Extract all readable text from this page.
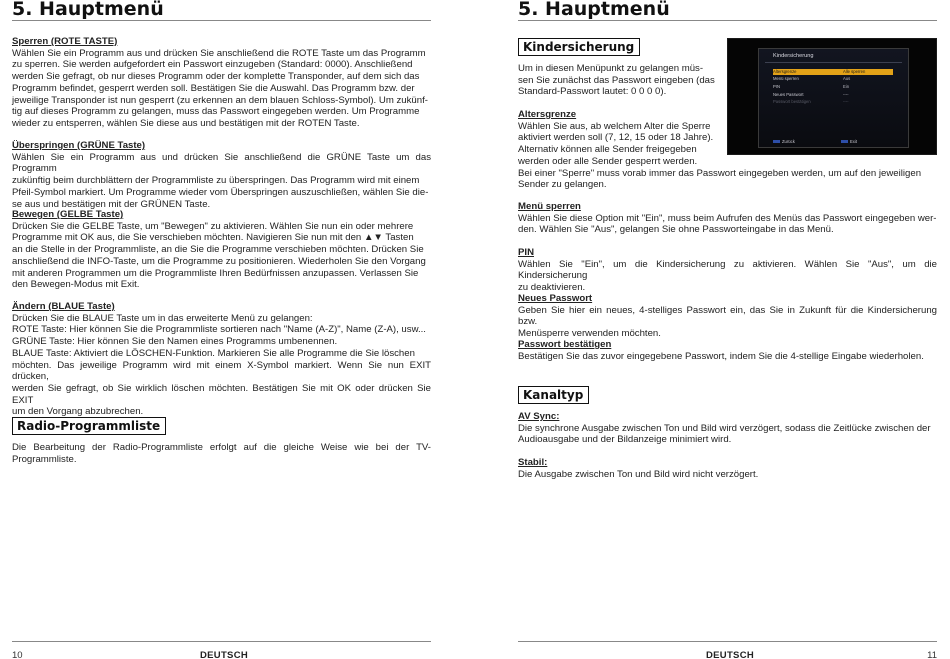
5. Hauptmenü
Sperren (ROTE TASTE)
Wählen Sie ein Programm aus und drücken Sie anschließend die ROTE Taste um das Programm
zu sperren. Sie werden aufgefordert ein Passwort einzugeben (Standard: 0000). Anschließend
werden Sie gefragt, ob nur dieses Programm oder der komplette Transponder, auf dem sich das
Programm befindet, gesperrt werden soll. Bestätigen Sie die Auswahl. Das Programm bzw. der
jeweilige Transponder ist nun gesperrt (zu erkennen an dem blauen Schloss-Symbol). Um zukünf-
tig auf dieses Programm zu gelangen, muss das Passwort eingegeben werden. Um Programme
wieder zu entsperren, wählen Sie diese aus und bestätigen mit der ROTEN Taste.
Überspringen (GRÜNE Taste)
Wählen Sie ein Programm aus und drücken Sie anschließend die GRÜNE Taste um das Programm
zukünftig beim durchblättern der Programmliste zu überspringen. Das Programm wird mit einem
Pfeil-Symbol markiert. Um Programme wieder vom Überspringen auszuschließen, wählen Sie die-
se aus und bestätigen mit der GRÜNEN Taste.
Bewegen (GELBE Taste)
Drücken Sie die GELBE Taste, um "Bewegen" zu aktivieren. Wählen Sie nun ein oder mehrere
Programme mit OK aus, die Sie verschieben möchten. Navigieren Sie nun mit den ▲▼ Tasten
an die Stelle in der Programmliste, an die Sie die Programme verschieben möchten. Drücken Sie
anschließend die INFO-Taste, um die Programme zu positionieren. Wiederholen Sie den Vorgang
mit anderen Programmen um die Programmliste Ihren Bedürfnissen anzupassen. Verlassen Sie
den Bewegen-Modus mit Exit.
Ändern (BLAUE Taste)
Drücken Sie die BLAUE Taste um in das erweiterte Menü zu gelangen:
ROTE Taste: Hier können Sie die Programmliste sortieren nach "Name (A-Z)", Name (Z-A), usw...
GRÜNE Taste: Hier können Sie den Namen eines Programms umbenennen.
BLAUE Taste: Aktiviert die LÖSCHEN-Funktion. Markieren Sie alle Programme die Sie löschen
möchten. Das jeweilige Programm wird mit einem X-Symbol markiert. Wenn Sie nun EXIT drücken,
werden Sie gefragt, ob Sie wirklich löschen möchten. Bestätigen Sie mit OK oder drücken Sie EXIT
um den Vorgang abzubrechen.
Radio-Programmliste
Die Bearbeitung der Radio-Programmliste erfolgt auf die gleiche Weise wie bei der TV-Programmliste.
10	DEUTSCH
5. Hauptmenü
Kindersicherung
Um in diesen Menüpunkt zu gelangen müs-
sen Sie zunächst das Passwort eingeben (das
Standard-Passwort lautet: 0 0 0 0).
Altersgrenze
Wählen Sie aus, ab welchem Alter die Sperre
aktiviert werden soll (7, 12, 15 oder 18 Jahre).
Alternativ können alle Sender freigegeben
werden oder alle Sender gesperrt werden.
Bei einer "Sperre" muss vorab immer das Passwort eingegeben werden, um auf den jeweiligen
Sender zu gelangen.
Kindersicherung
Altersgrenze	Alle sperren
Menü sperren	Aus
PIN	Ein
Neues Passwort	----
Passwort bestätigen	----
Zurück	Exit
Menü sperren
Wählen Sie diese Option mit "Ein", muss beim Aufrufen des Menüs das Passwort eingegeben wer-
den. Wählen Sie "Aus", gelangen Sie ohne Passworteingabe in das Menü.
PIN
Wählen Sie "Ein", um die Kindersicherung zu aktivieren. Wählen Sie "Aus", um die Kindersicherung
zu deaktivieren.
Neues Passwort
Geben Sie hier ein neues, 4-stelliges Passwort ein, das Sie in Zukunft für die Kindersicherung bzw.
Menüsperre verwenden möchten.
Passwort bestätigen
Bestätigen Sie das zuvor eingegebene Passwort, indem Sie die 4-stellige Eingabe wiederholen.
Kanaltyp
AV Sync:
Die synchrone Ausgabe zwischen Ton und Bild wird verzögert, sodass die Zeitlücke zwischen der
Audioausgabe und der Bildanzeige minimiert wird.
Stabil:
Die Ausgabe zwischen Ton und Bild wird nicht verzögert.
DEUTSCH	11
